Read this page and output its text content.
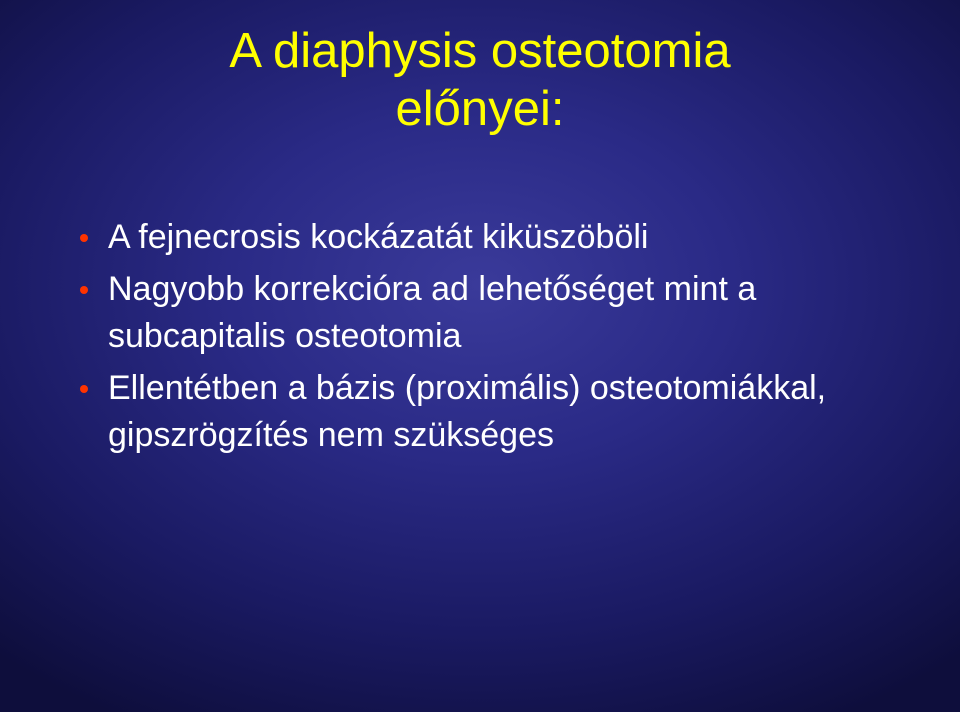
A diaphysis osteotomia
előnyei:
A fejnecrosis kockázatát kiküszöböli
Nagyobb korrekcióra ad lehetőséget mint a subcapitalis osteotomia
Ellentétben a bázis (proximális) osteotomiákkal, gipszrögzítés nem szükséges
